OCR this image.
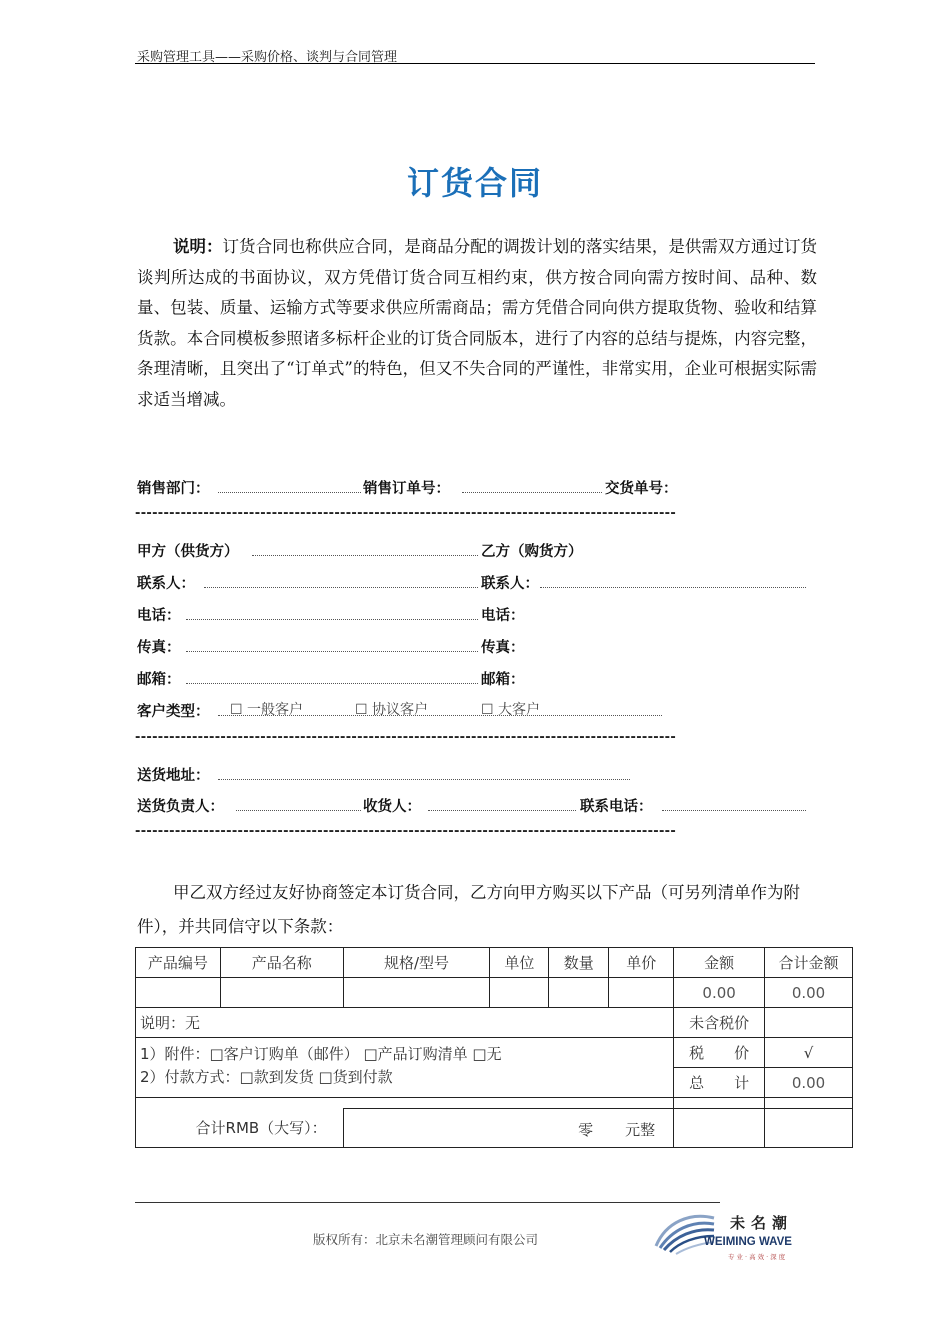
采购管理工具——采购价格、谈判与合同管理
订货合同
说明：订货合同也称供应合同，是商品分配的调拨计划的落实结果，是供需双方通过订货谈判所达成的书面协议，双方凭借订货合同互相约束，供方按合同向需方按时间、品种、数量、包装、质量、运输方式等要求供应所需商品；需方凭借合同向供方提取货物、验收和结算货款。本合同模板参照诸多标杆企业的订货合同版本，进行了内容的总结与提炼，内容完整，条理清晰，且突出了“订单式”的特色，但又不失合同的严谨性，非常实用，企业可根据实际需求适当增减。
销售部门：	销售订单号：	交货单号：
-----------------------------------------------------------------------------------------------
甲方（供货方）	乙方（购货方）
联系人：	联系人：
电话：	电话：
传真：	传真：
邮箱：	邮箱：
客户类型： ☐ 一般客户	☐ 协议客户	☐ 大客户
-----------------------------------------------------------------------------------------------
送货地址：
送货负责人：	收货人：	联系电话：
-----------------------------------------------------------------------------------------------
甲乙双方经过友好协商签定本订货合同，乙方向甲方购买以下产品（可另列清单作为附件），并共同信守以下条款：
产品编号	产品名称	规格/型号	单位	数量	单价	金额	合计金额
						0.00	0.00
说明：无						未含税价	

1）附件：□客户订购单（邮件） □产品订购清单 □无
2）付款方式：□款到发货 □货到付款						税　　价	√
						总　　计	0.00

合计RMB（大写）：		零 元整					

版权所有：北京未名潮管理顾问有限公司
未名潮
WEIMING WAVE
专业·高效·深度
